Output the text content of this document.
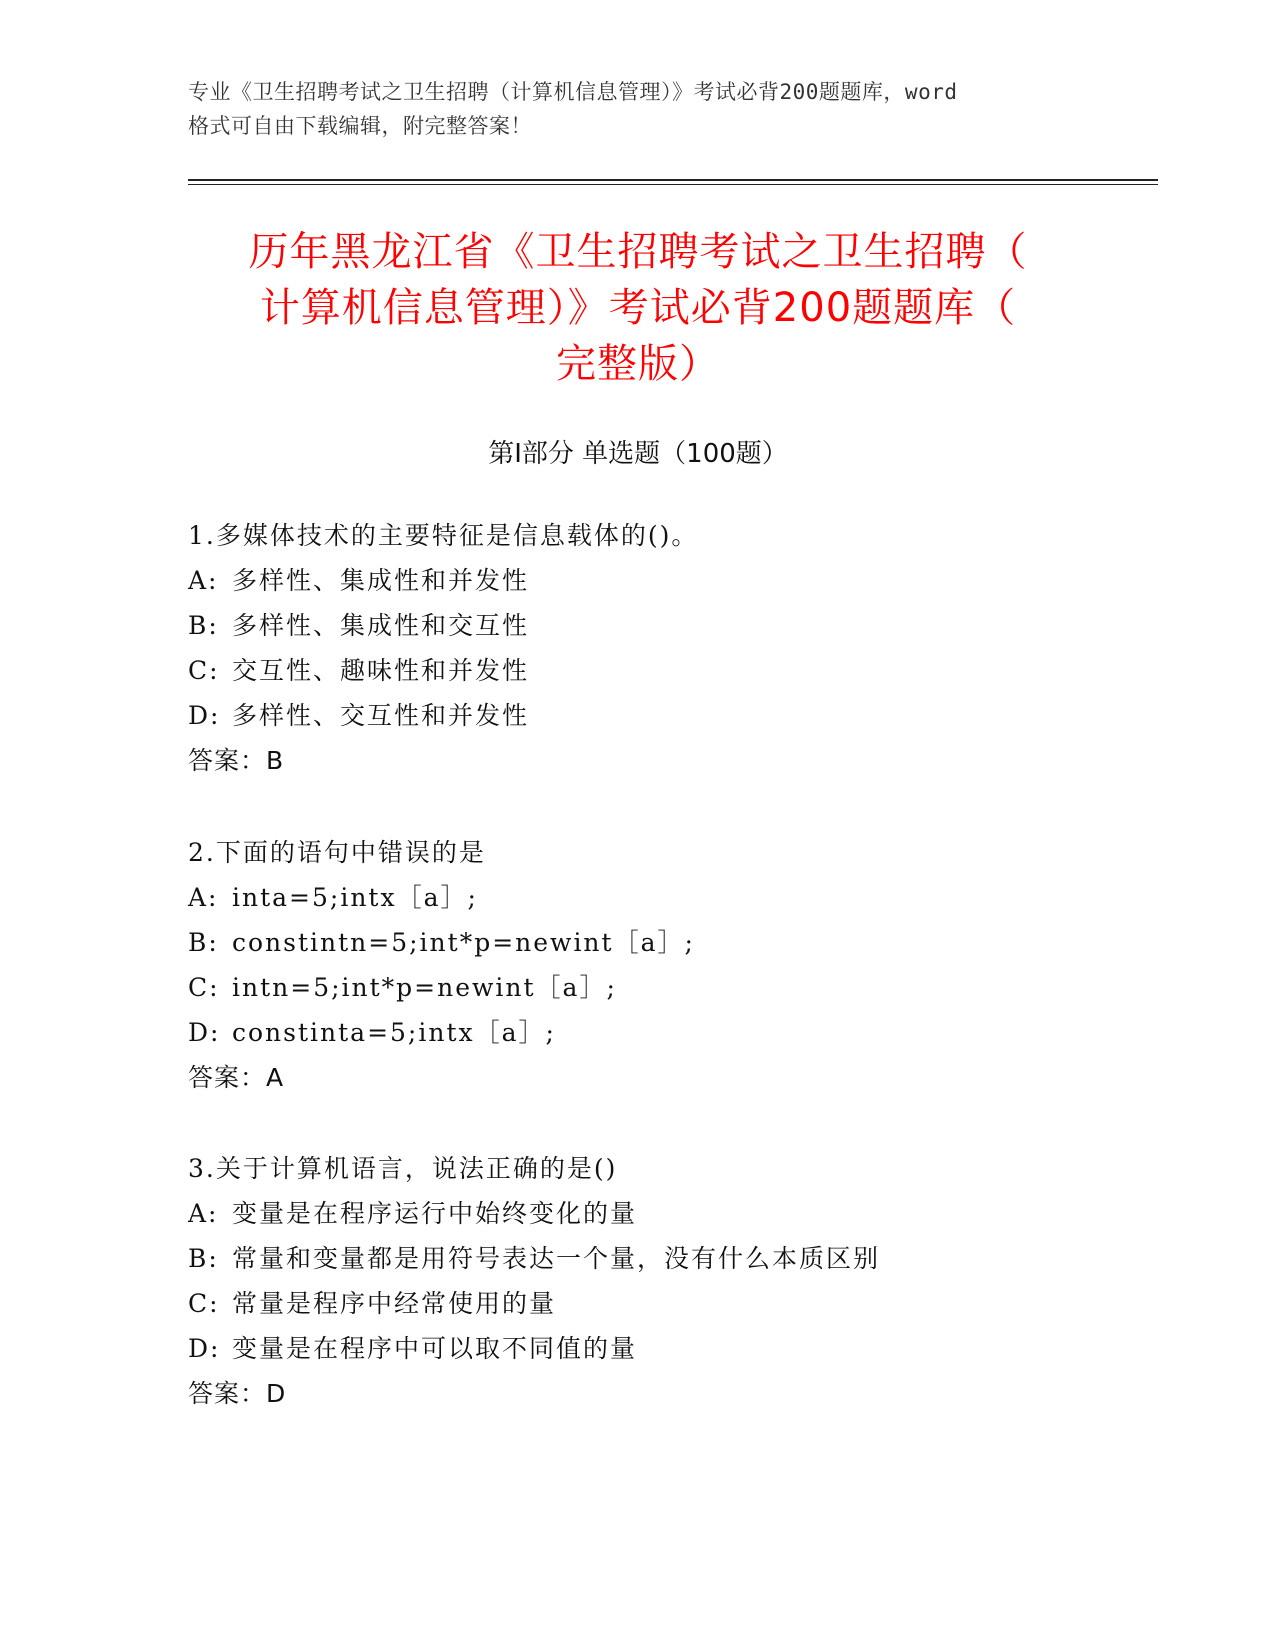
专业《卫生招聘考试之卫生招聘（计算机信息管理）》考试必背200题题库，word
格式可自由下载编辑，附完整答案！
历年黑龙江省《卫生招聘考试之卫生招聘（
计算机信息管理）》考试必背200题题库（
完整版）
第Ⅰ部分 单选题（100题）
1.多媒体技术的主要特征是信息载体的()。
A: 多样性、集成性和并发性
B: 多样性、集成性和交互性
C: 交互性、趣味性和并发性
D: 多样性、交互性和并发性
答案：B
2.下面的语句中错误的是
A: inta=5;intx［a］;
B: constintn=5;int*p=newint［a］;
C: intn=5;int*p=newint［a］;
D: constinta=5;intx［a］;
答案：A
3.关于计算机语言，说法正确的是()
A: 变量是在程序运行中始终变化的量
B: 常量和变量都是用符号表达一个量，没有什么本质区别
C: 常量是程序中经常使用的量
D: 变量是在程序中可以取不同值的量
答案：D
